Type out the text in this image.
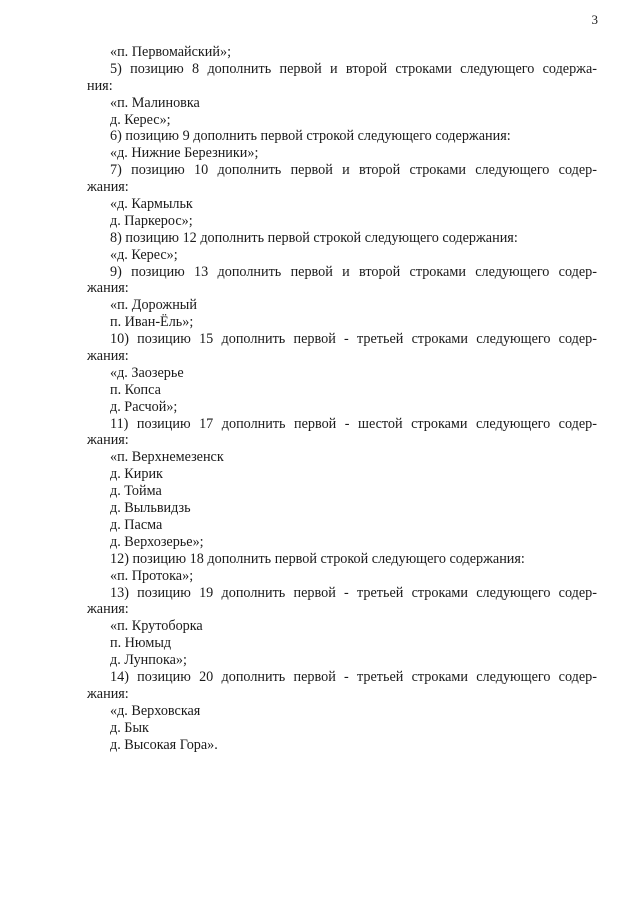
3
«п. Первомайский»;
5) позицию 8 дополнить первой и второй строками следующего содержа-
ния:
«п. Малиновка
д. Керес»;
6) позицию 9 дополнить первой строкой следующего содержания:
«д. Нижние Березники»;
7) позицию 10 дополнить первой и второй строками следующего содер-
жания:
«д. Кармыльк
д. Паркерос»;
8) позицию 12 дополнить первой строкой следующего содержания:
«д. Керес»;
9) позицию 13 дополнить первой и второй строками следующего содер-
жания:
«п. Дорожный
п. Иван-Ёль»;
10) позицию 15 дополнить первой - третьей строками следующего содер-
жания:
«д. Заозерье
п. Копса
д. Расчой»;
11) позицию 17 дополнить первой - шестой строками следующего содер-
жания:
«п. Верхнемезенск
д. Кирик
д. Тойма
д. Выльвидзь
д. Пасма
д. Верхозерье»;
12) позицию 18 дополнить первой строкой следующего содержания:
«п. Протока»;
13) позицию 19 дополнить первой - третьей строками следующего содер-
жания:
«п. Крутоборка
п. Нюмыд
д. Лунпока»;
14) позицию 20 дополнить первой - третьей строками следующего содер-
жания:
«д. Верховская
д. Бык
д. Высокая Гора».
